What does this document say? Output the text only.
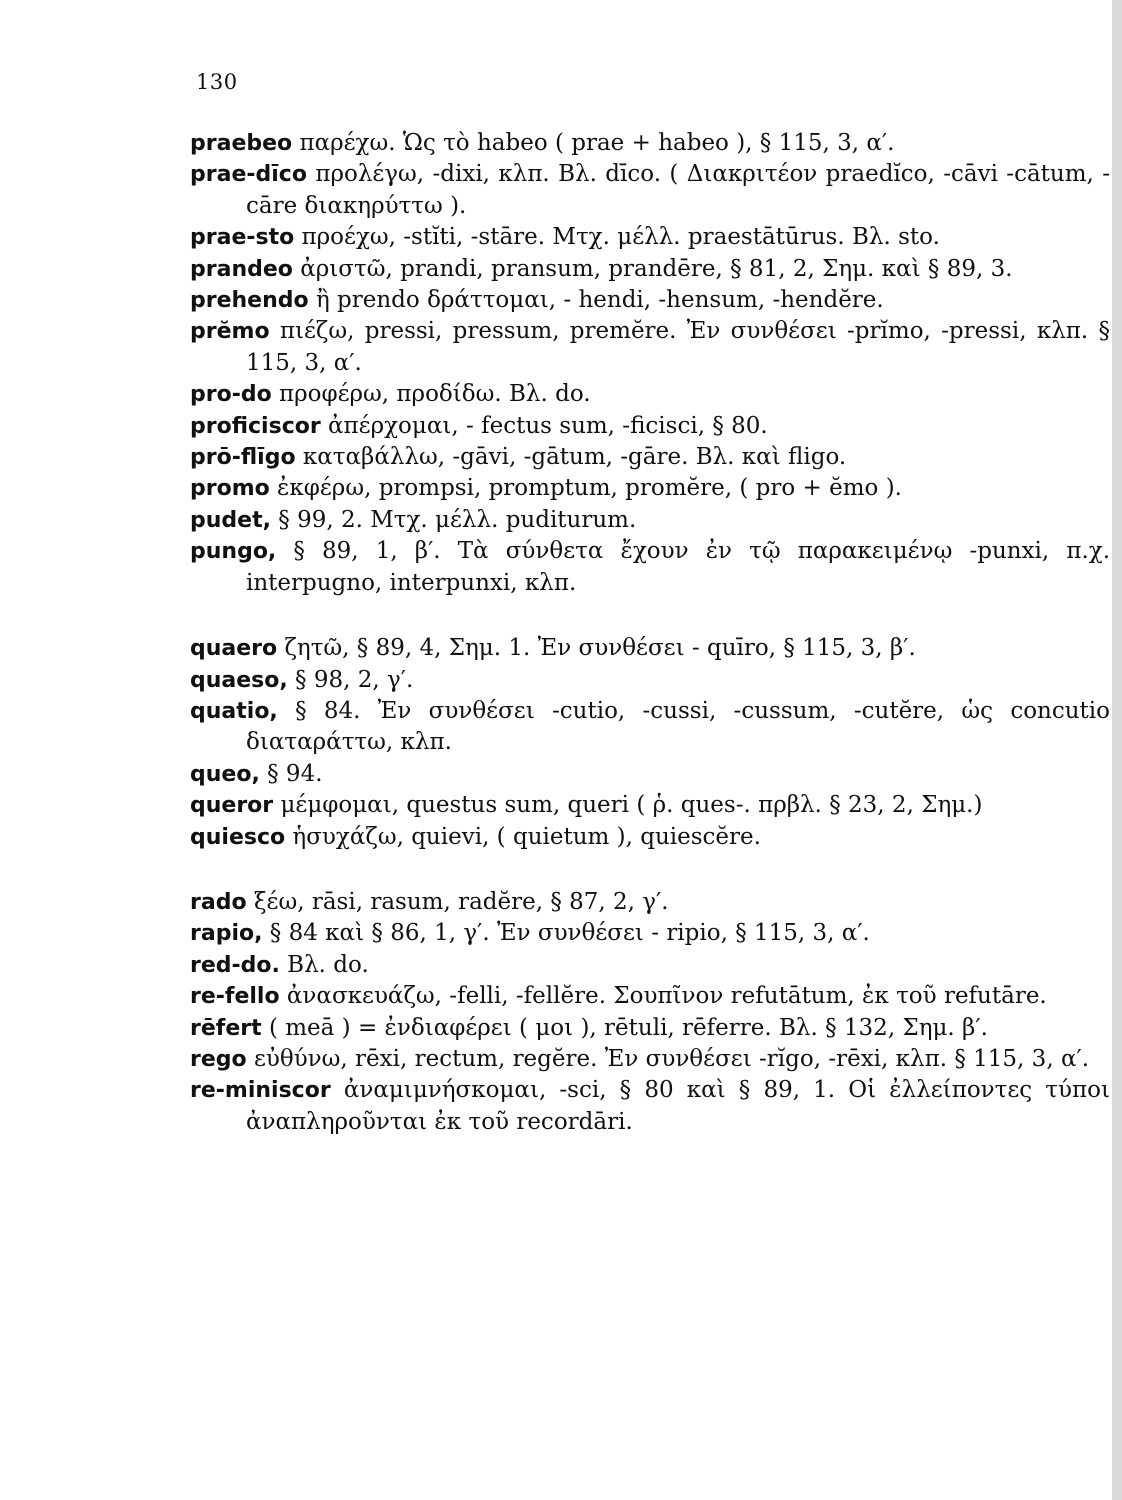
130

praebeo παρέχω. Ὡς τὸ habeo ( prae + habeo ), § 115, 3, α′.

prae-dīco προλέγω, -dixi, κλπ. Βλ. dīco. ( Διακριτέον praedĭco, -cāvi -cātum, -cāre διακηρύττω ).

prae-sto προέχω, -stĭti, -stāre. Μτχ. μέλλ. praestātūrus. Βλ. sto.

prandeo ἀριστῶ, prandi, pransum, prandēre, § 81, 2, Σημ. καὶ § 89, 3.

prehendo ἢ prendo δράττομαι, - hendi, -hensum, -hendĕre.

prĕmo πιέζω, pressi, pressum, premĕre. Ἐν συνθέσει -prĭmo, -pressi, κλπ. § 115, 3, α′.

pro-do προφέρω, προδίδω. Βλ. do.

proficiscor ἀπέρχομαι, - fectus sum, -ficisci, § 80.

prō-flīgo καταβάλλω, -gāvi, -gātum, -gāre. Βλ. καὶ fligo.

promo ἐκφέρω, prompsi, promptum, promĕre, ( pro + ĕmo ).

pudet, § 99, 2. Μτχ. μέλλ. puditurum.

pungo, § 89, 1, β′. Τὰ σύνθετα ἔχουν ἐν τῷ παρακειμένῳ -punxi, π.χ. interpugno, interpunxi, κλπ.

quaero ζητῶ, § 89, 4, Σημ. 1. Ἐν συνθέσει - quīro, § 115, 3, β′.

quaeso, § 98, 2, γ′.

quatio, § 84. Ἐν συνθέσει -cutio, -cussi, -cussum, -cutĕre, ὡς concutio διαταράττω, κλπ.

queo, § 94.

queror μέμφομαι, questus sum, queri ( ῥ. ques-. πρβλ. § 23, 2, Σημ.)

quiesco ἡσυχάζω, quievi, ( quietum ), quiescĕre.

rado ξέω, rāsi, rasum, radĕre, § 87, 2, γ′.

rapio, § 84 καὶ § 86, 1, γ′. Ἐν συνθέσει - ripio, § 115, 3, α′.

red-do. Βλ. do.

re-fello ἀνασκευάζω, -felli, -fellĕre. Σουπῖνον refutātum, ἐκ τοῦ refutāre.

rēfert ( meā ) = ἐνδιαφέρει ( μοι ), rētuli, rēferre. Βλ. § 132, Σημ. β′.

rego εὐθύνω, rēxi, rectum, regĕre. Ἐν συνθέσει -rĭgo, -rēxi, κλπ. § 115, 3, α′.

re-miniscor ἀναμιμνήσκομαι, -sci, § 80 καὶ § 89, 1. Οἱ ἐλλείποντες τύποι ἀναπληροῦνται ἐκ τοῦ recordāri.
